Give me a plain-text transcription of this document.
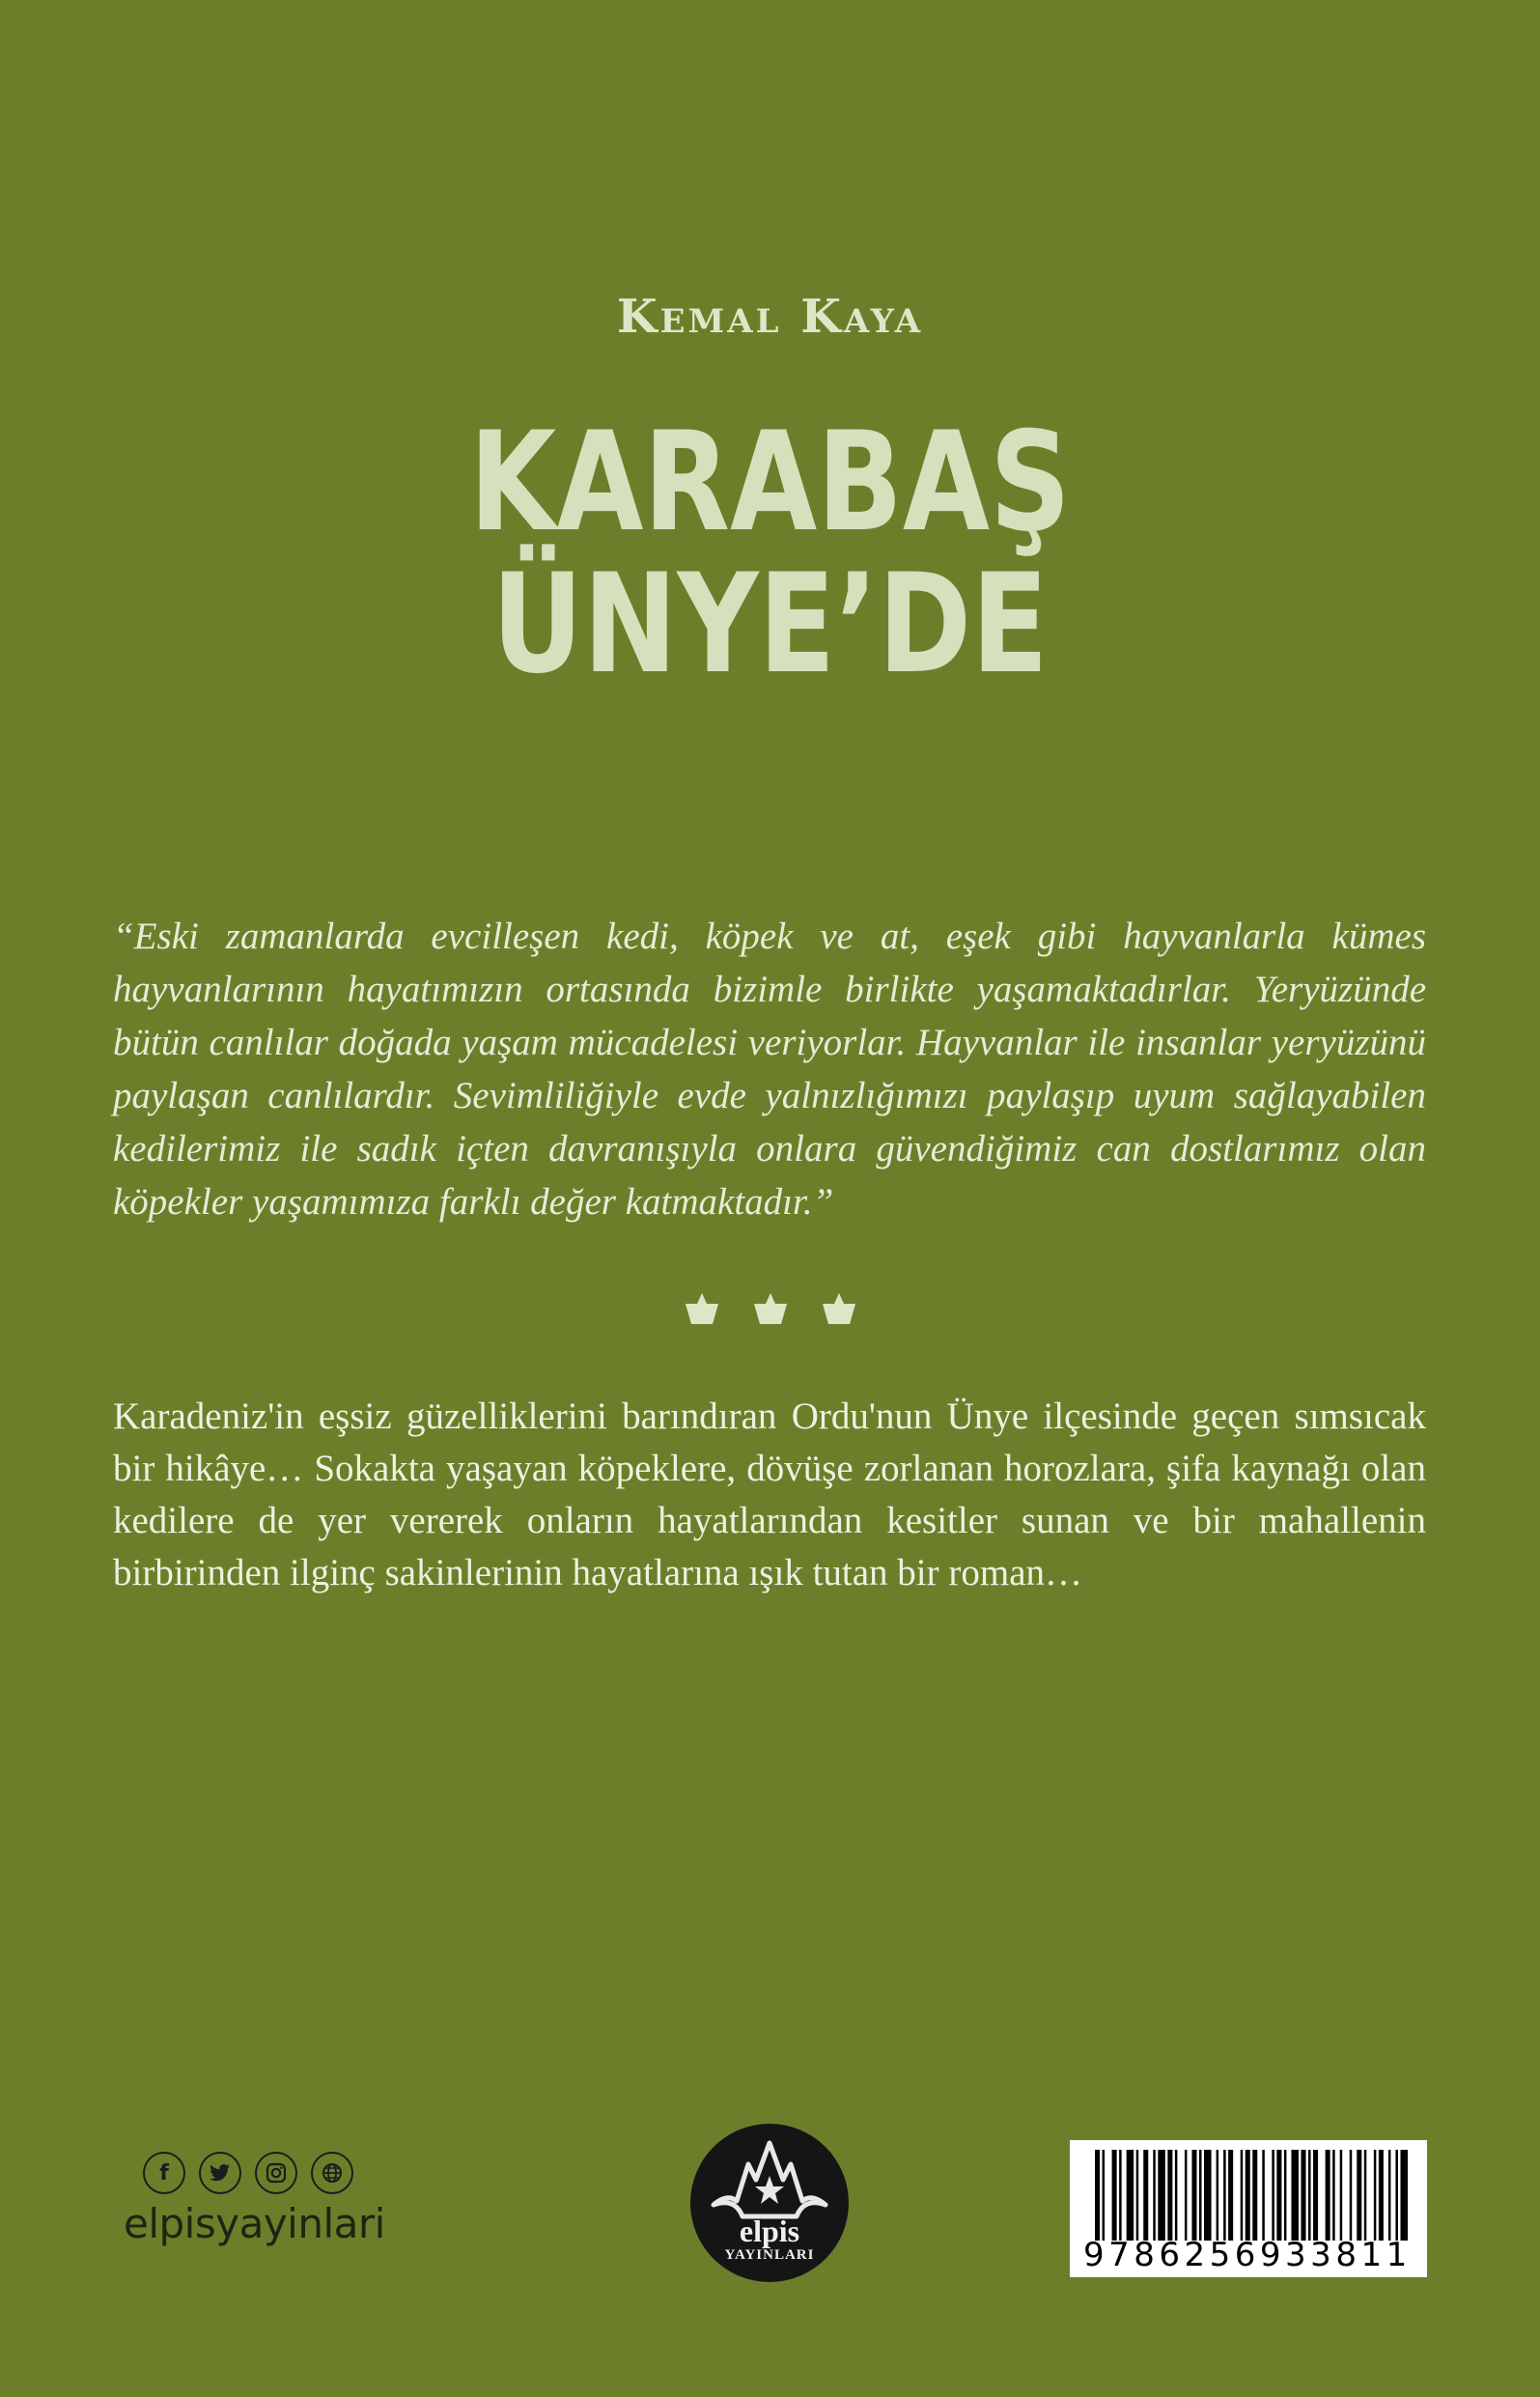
Kemal Kaya
KARABAŞ
ÜNYE’DE
“Eski zamanlarda evcilleşen kedi, köpek ve at, eşek gibi hayvanlarla kümes hayvanlarının hayatımızın ortasında bizimle birlikte yaşamaktadırlar. Yeryüzünde bütün canlılar doğada yaşam mücadelesi veriyorlar. Hayvanlar ile insanlar yeryüzünü paylaşan canlılardır. Sevimliliğiyle evde yalnızlığımızı paylaşıp uyum sağlayabilen kedilerimiz ile sadık içten davranışıyla onlara güvendiğimiz can dostlarımız olan köpekler yaşamımıza farklı değer katmaktadır.”
Karadeniz'in eşsiz güzelliklerini barındıran Ordu'nun Ünye ilçesinde geçen sımsıcak bir hikâye… Sokakta yaşayan köpeklere, dövüşe zorlanan horozlara, şifa kaynağı olan kedilere de yer vererek onların hayatlarından kesitler sunan ve bir mahallenin birbirinden ilginç sakinlerinin hayatlarına ışık tutan bir roman…
f
elpisyayinlari	elpis
YAYINLARI	9786256933811
